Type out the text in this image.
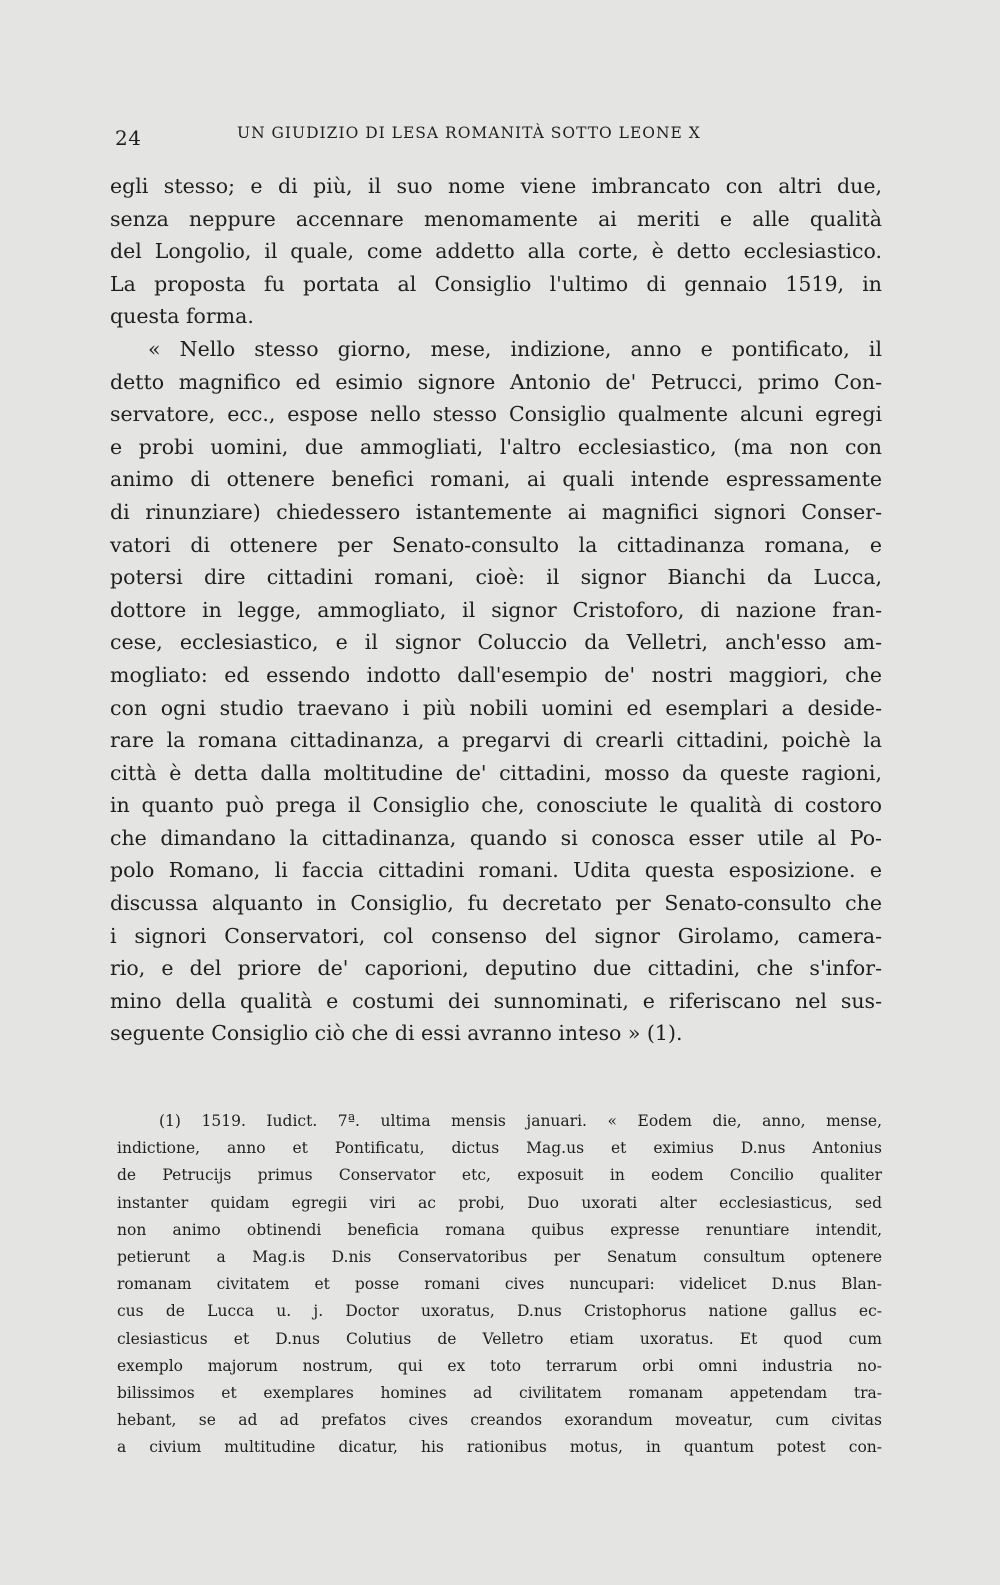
24	UN GIUDIZIO DI LESA ROMANITÀ SOTTO LEONE X
egli stesso; e di più, il suo nome viene imbrancato con altri due,
senza neppure accennare menomamente ai meriti e alle qualità
del Longolio, il quale, come addetto alla corte, è detto ecclesiastico.
La proposta fu portata al Consiglio l'ultimo di gennaio 1519, in
questa forma.
« Nello stesso giorno, mese, indizione, anno e pontificato, il
detto magnifico ed esimio signore Antonio de' Petrucci, primo Con-
servatore, ecc., espose nello stesso Consiglio qualmente alcuni egregi
e probi uomini, due ammogliati, l'altro ecclesiastico, (ma non con
animo di ottenere benefici romani, ai quali intende espressamente
di rinunziare) chiedessero istantemente ai magnifici signori Conser-
vatori di ottenere per Senato-consulto la cittadinanza romana, e
potersi dire cittadini romani, cioè: il signor Bianchi da Lucca,
dottore in legge, ammogliato, il signor Cristoforo, di nazione fran-
cese, ecclesiastico, e il signor Coluccio da Velletri, anch'esso am-
mogliato: ed essendo indotto dall'esempio de' nostri maggiori, che
con ogni studio traevano i più nobili uomini ed esemplari a deside-
rare la romana cittadinanza, a pregarvi di crearli cittadini, poichè la
città è detta dalla moltitudine de' cittadini, mosso da queste ragioni,
in quanto può prega il Consiglio che, conosciute le qualità di costoro
che dimandano la cittadinanza, quando si conosca esser utile al Po-
polo Romano, li faccia cittadini romani. Udita questa esposizione. e
discussa alquanto in Consiglio, fu decretato per Senato-consulto che
i signori Conservatori, col consenso del signor Girolamo, camera-
rio, e del priore de' caporioni, deputino due cittadini, che s'infor-
mino della qualità e costumi dei sunnominati, e riferiscano nel sus-
seguente Consiglio ciò che di essi avranno inteso » (1).
(1) 1519. Iudict. 7ª. ultima mensis januari. « Eodem die, anno, mense,
indictione, anno et Pontificatu, dictus Mag.us et eximius D.nus Antonius
de Petrucijs primus Conservator etc, exposuit in eodem Concilio qualiter
instanter quidam egregii viri ac probi, Duo uxorati alter ecclesiasticus, sed
non animo obtinendi beneficia romana quibus expresse renuntiare intendit,
petierunt a Mag.is D.nis Conservatoribus per Senatum consultum optenere
romanam civitatem et posse romani cives nuncupari: videlicet D.nus Blan-
cus de Lucca u. j. Doctor uxoratus, D.nus Cristophorus natione gallus ec-
clesiasticus et D.nus Colutius de Velletro etiam uxoratus. Et quod cum
exemplo majorum nostrum, qui ex toto terrarum orbi omni industria no-
bilissimos et exemplares homines ad civilitatem romanam appetendam tra-
hebant, se ad ad prefatos cives creandos exorandum moveatur, cum civitas
a civium multitudine dicatur, his rationibus motus, in quantum potest con-
